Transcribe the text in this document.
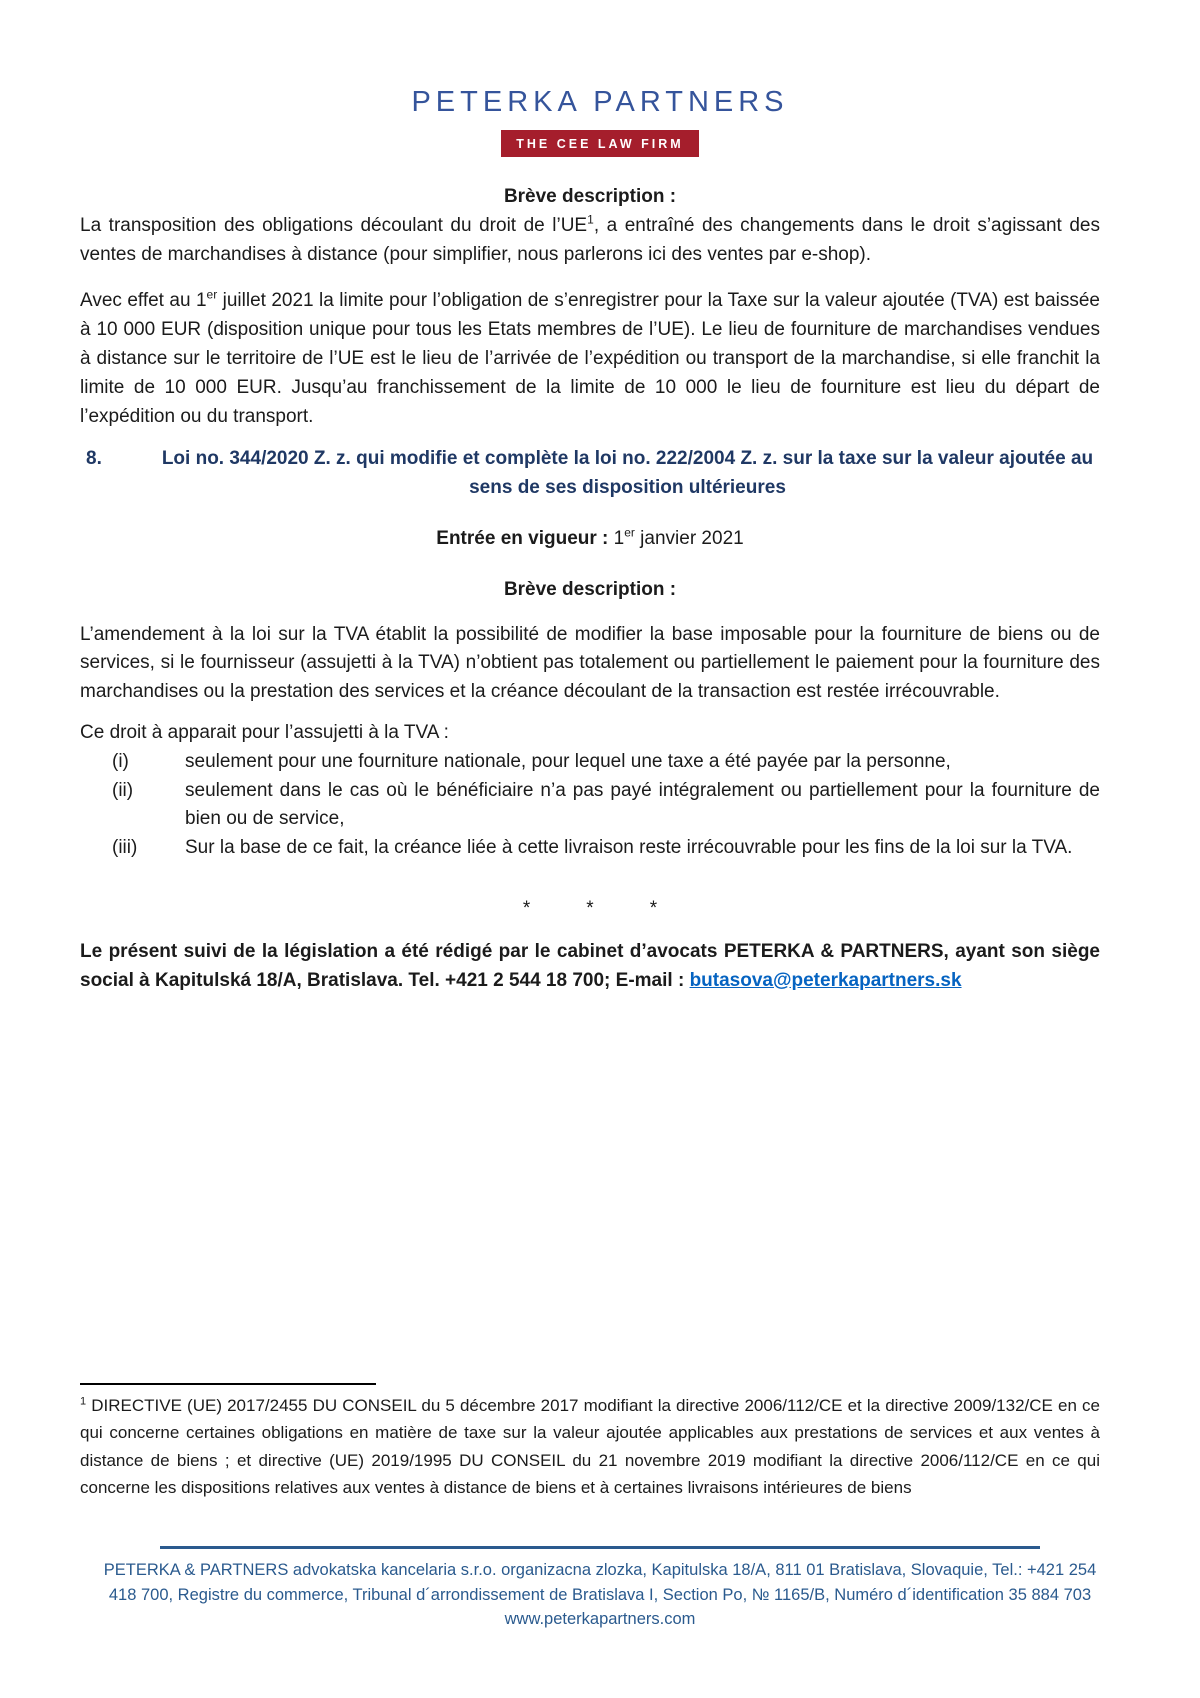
PETERKA PARTNERS
THE CEE LAW FIRM
Brève description :

La transposition des obligations découlant du droit de $l’UE^1$, a entraîné des changements dans le droit s’agissant des ventes de marchandises à distance (pour simplifier, nous parlerons ici des ventes par e-shop).

Avec effet au 1er juillet 2021 la limite pour l’obligation de s’enregistrer pour la Taxe sur la valeur ajoutée (TVA) est baissée à 10 000 EUR (disposition unique pour tous les Etats membres de l’UE). Le lieu de fourniture de marchandises vendues à distance sur le territoire de l’UE est le lieu de l’arrivée de l’expédition ou transport de la marchandise, si elle franchit la limite de 10 000 EUR. Jusqu’au franchissement de la limite de 10 000 le lieu de fourniture est lieu du départ de l’expédition ou du transport.

8.	Loi no. 344/2020 Z. z. qui modifie et complète la loi no. 222/2004 Z. z. sur la taxe sur la valeur ajoutée au sens de ses disposition ultérieures
Entrée en vigueur : 1er janvier 2021
Brève description :

L’amendement à la loi sur la TVA établit la possibilité de modifier la base imposable pour la fourniture de biens ou de services, si le fournisseur (assujetti à la TVA) n’obtient pas totalement ou partiellement le paiement pour la fourniture des marchandises ou la prestation des services et la créance découlant de la transaction est restée irrécouvrable.

Ce droit à apparait pour l’assujetti à la TVA :

(i)	seulement pour une fourniture nationale, pour lequel une taxe a été payée par la personne,
(ii)	seulement dans le cas où le bénéficiaire n’a pas payé intégralement ou partiellement pour la fourniture de bien ou de service,
(iii)	Sur la base de ce fait, la créance liée à cette livraison reste irrécouvrable pour les fins de la loi sur la TVA.
*	*	*

Le présent suivi de la législation a été rédigé par le cabinet d’avocats PETERKA & PARTNERS, ayant son siège social à Kapitulská 18/A, Bratislava. Tel. +421 2 544 18 700; E-mail : butasova@peterkapartners.sk

$^1$ DIRECTIVE (UE) 2017/2455 DU CONSEIL du 5 décembre 2017 modifiant la directive 2006/112/CE et la directive 2009/132/CE en ce qui concerne certaines obligations en matière de taxe sur la valeur ajoutée applicables aux prestations de services et aux ventes à distance de biens ; et directive (UE) 2019/1995 DU CONSEIL du 21 novembre 2019 modifiant la directive 2006/112/CE en ce qui concerne les dispositions relatives aux ventes à distance de biens et à certaines livraisons intérieures de biens
PETERKA & PARTNERS advokatska kancelaria s.r.o. organizacna zlozka, Kapitulska 18/A, 811 01 Bratislava, Slovaquie, Tel.: +421 254
418 700, Registre du commerce, Tribunal d´arrondissement de Bratislava I, Section Po, № 1165/B, Numéro d´identification 35 884 703
www.peterkapartners.com
